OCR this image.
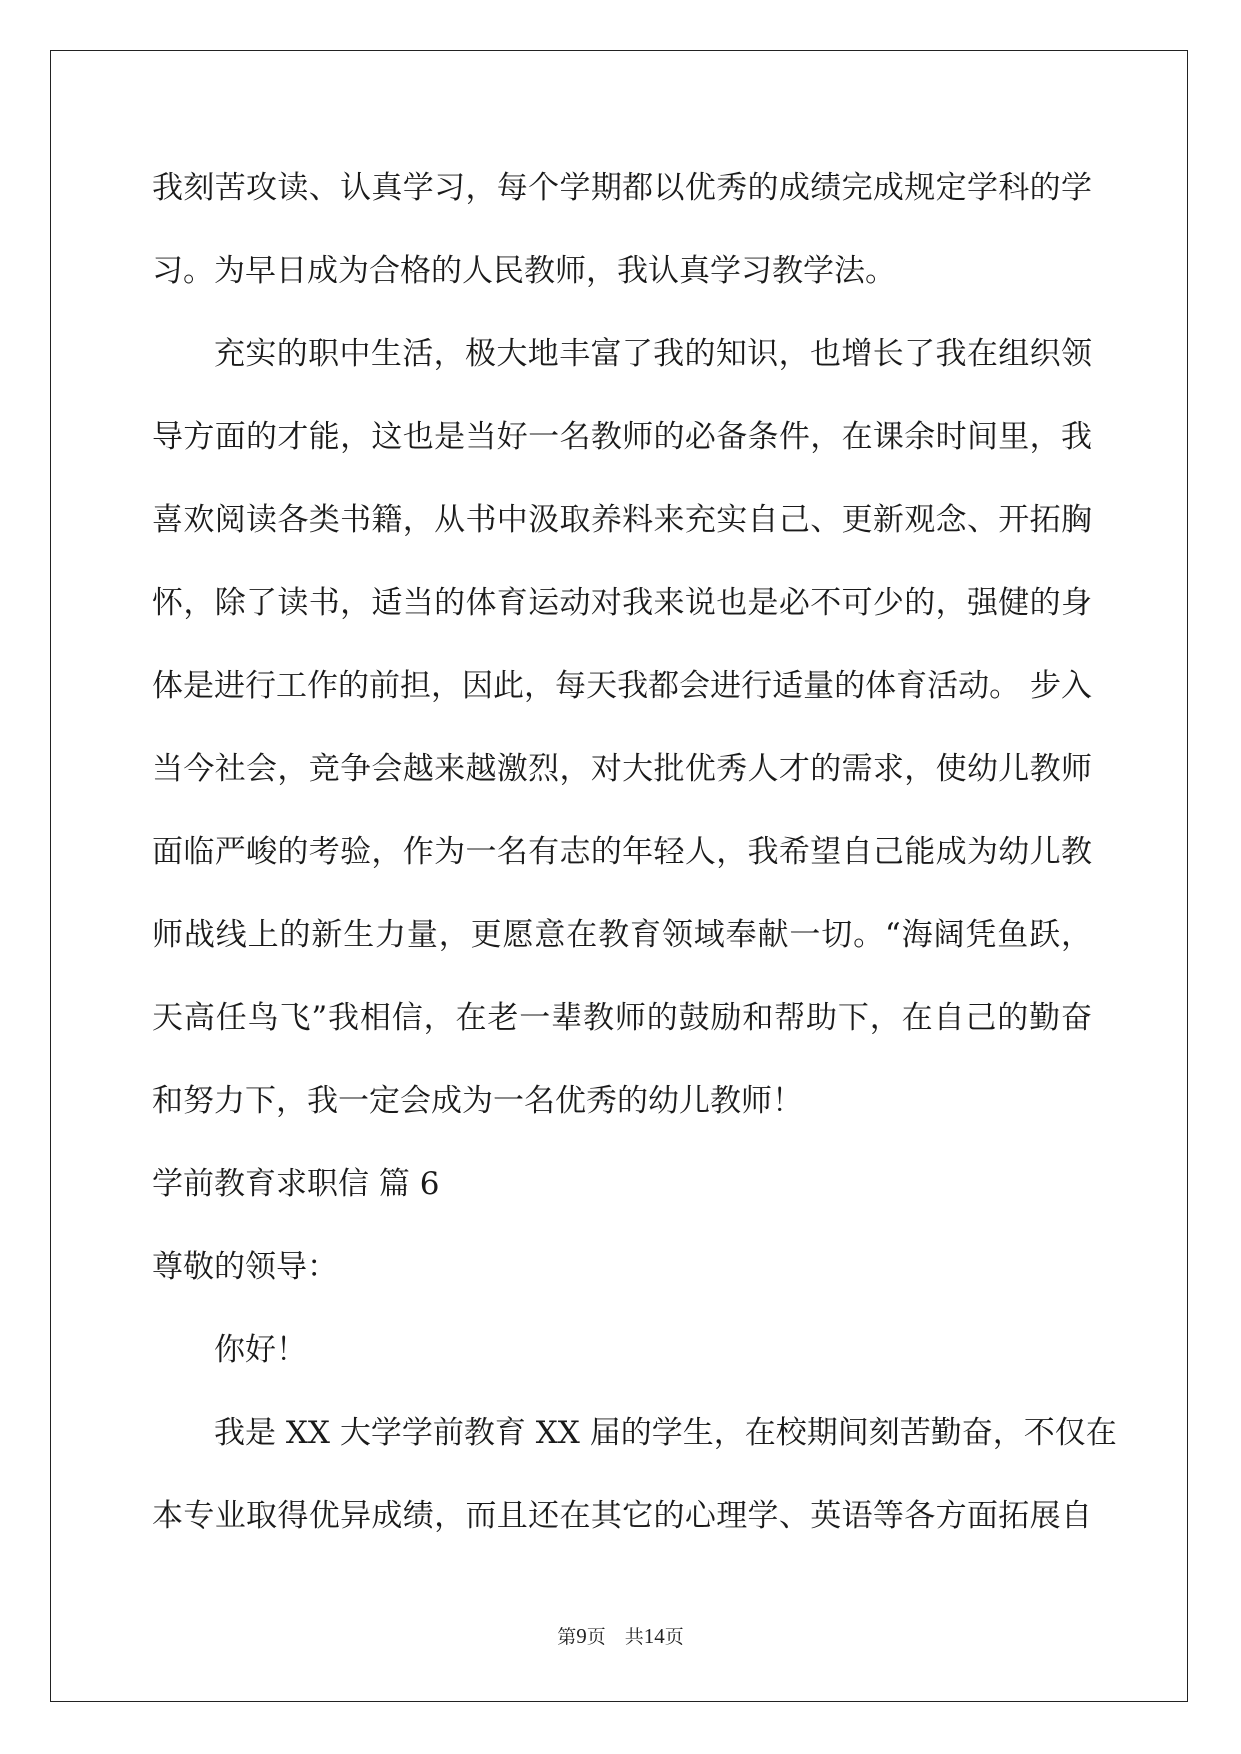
我刻苦攻读、认真学习，每个学期都以优秀的成绩完成规定学科的学
习。为早日成为合格的人民教师，我认真学习教学法。
充实的职中生活，极大地丰富了我的知识，也增长了我在组织领
导方面的才能，这也是当好一名教师的必备条件，在课余时间里，我
喜欢阅读各类书籍，从书中汲取养料来充实自己、更新观念、开拓胸
怀，除了读书，适当的体育运动对我来说也是必不可少的，强健的身
体是进行工作的前担，因此，每天我都会进行适量的体育活动。 步入
当今社会，竞争会越来越激烈，对大批优秀人才的需求，使幼儿教师
面临严峻的考验，作为一名有志的年轻人，我希望自己能成为幼儿教
师战线上的新生力量，更愿意在教育领域奉献一切。“海阔凭鱼跃，
天高任鸟飞”我相信，在老一辈教师的鼓励和帮助下，在自己的勤奋
和努力下，我一定会成为一名优秀的幼儿教师！
学前教育求职信 篇 6
尊敬的领导：
你好！
我是 XX 大学学前教育 XX 届的学生，在校期间刻苦勤奋，不仅在
本专业取得优异成绩，而且还在其它的心理学、英语等各方面拓展自
第9页　共14页
